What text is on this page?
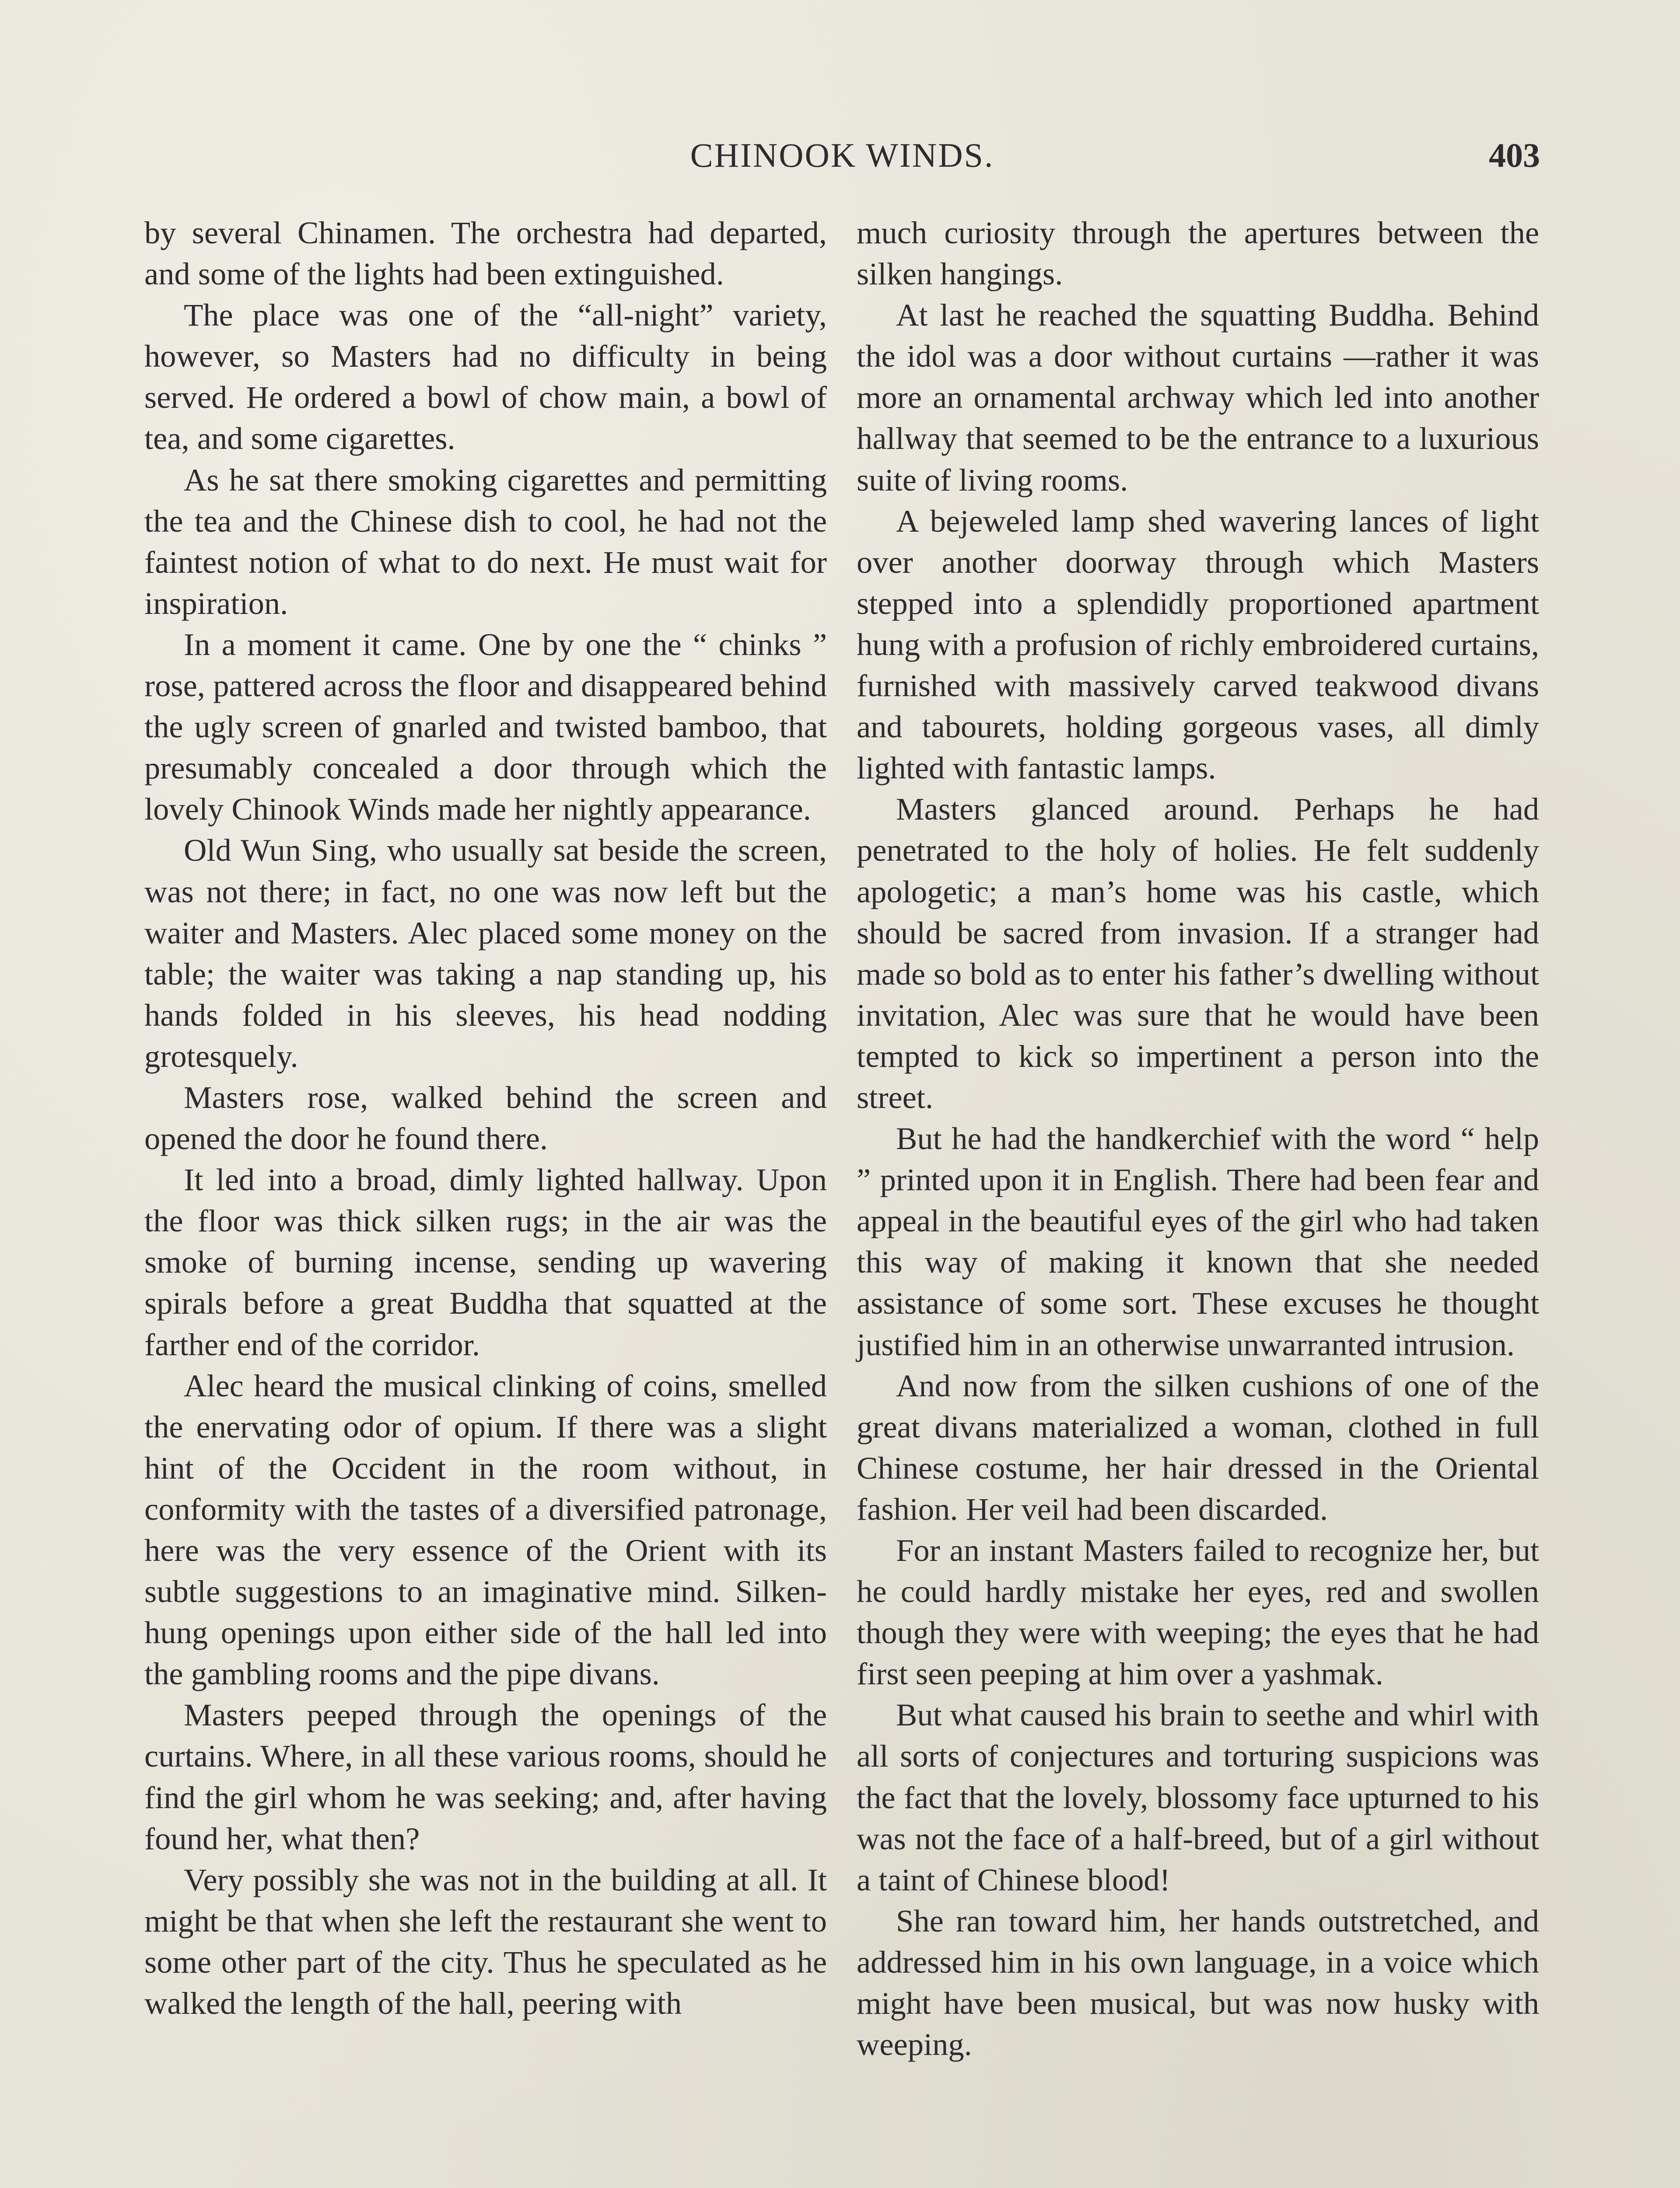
CHINOOK WINDS.	403

by several Chinamen. The orchestra had departed, and some of the lights had been extinguished.

The place was one of the “all-night” variety, however, so Masters had no difficulty in being served. He ordered a bowl of chow main, a bowl of tea, and some cigarettes.

As he sat there smoking cigarettes and permitting the tea and the Chinese dish to cool, he had not the faintest notion of what to do next. He must wait for inspiration.

In a moment it came. One by one the “ chinks ” rose, pattered across the floor and disappeared behind the ugly screen of gnarled and twisted bamboo, that presumably concealed a door through which the lovely Chinook Winds made her nightly appearance.

Old Wun Sing, who usually sat beside the screen, was not there; in fact, no one was now left but the waiter and Masters. Alec placed some money on the table; the waiter was taking a nap standing up, his hands folded in his sleeves, his head nodding grotesquely.

Masters rose, walked behind the screen and opened the door he found there.

It led into a broad, dimly lighted hallway. Upon the floor was thick silken rugs; in the air was the smoke of burning incense, sending up wavering spirals before a great Buddha that squatted at the farther end of the corridor.

Alec heard the musical clinking of coins, smelled the enervating odor of opium. If there was a slight hint of the Occident in the room without, in conformity with the tastes of a diversified patronage, here was the very essence of the Orient with its subtle suggestions to an imaginative mind. Silken-hung openings upon either side of the hall led into the gambling rooms and the pipe divans.

Masters peeped through the openings of the curtains. Where, in all these various rooms, should he find the girl whom he was seeking; and, after having found her, what then?

Very possibly she was not in the building at all. It might be that when she left the restaurant she went to some other part of the city. Thus he speculated as he walked the length of the hall, peering with

much curiosity through the apertures between the silken hangings.

At last he reached the squatting Buddha. Behind the idol was a door without curtains —rather it was more an ornamental archway which led into another hallway that seemed to be the entrance to a luxurious suite of living rooms.

A bejeweled lamp shed wavering lances of light over another doorway through which Masters stepped into a splendidly proportioned apartment hung with a profusion of richly embroidered curtains, furnished with massively carved teakwood divans and tabourets, holding gorgeous vases, all dimly lighted with fantastic lamps.

Masters glanced around. Perhaps he had penetrated to the holy of holies. He felt suddenly apologetic; a man’s home was his castle, which should be sacred from invasion. If a stranger had made so bold as to enter his father’s dwelling without invitation, Alec was sure that he would have been tempted to kick so impertinent a person into the street.

But he had the handkerchief with the word “ help ” printed upon it in English. There had been fear and appeal in the beautiful eyes of the girl who had taken this way of making it known that she needed assistance of some sort. These excuses he thought justified him in an otherwise unwarranted intrusion.

And now from the silken cushions of one of the great divans materialized a woman, clothed in full Chinese costume, her hair dressed in the Oriental fashion. Her veil had been discarded.

For an instant Masters failed to recognize her, but he could hardly mistake her eyes, red and swollen though they were with weeping; the eyes that he had first seen peeping at him over a yashmak.

But what caused his brain to seethe and whirl with all sorts of conjectures and torturing suspicions was the fact that the lovely, blossomy face upturned to his was not the face of a half-breed, but of a girl without a taint of Chinese blood!

She ran toward him, her hands outstretched, and addressed him in his own language, in a voice which might have been musical, but was now husky with weeping.
